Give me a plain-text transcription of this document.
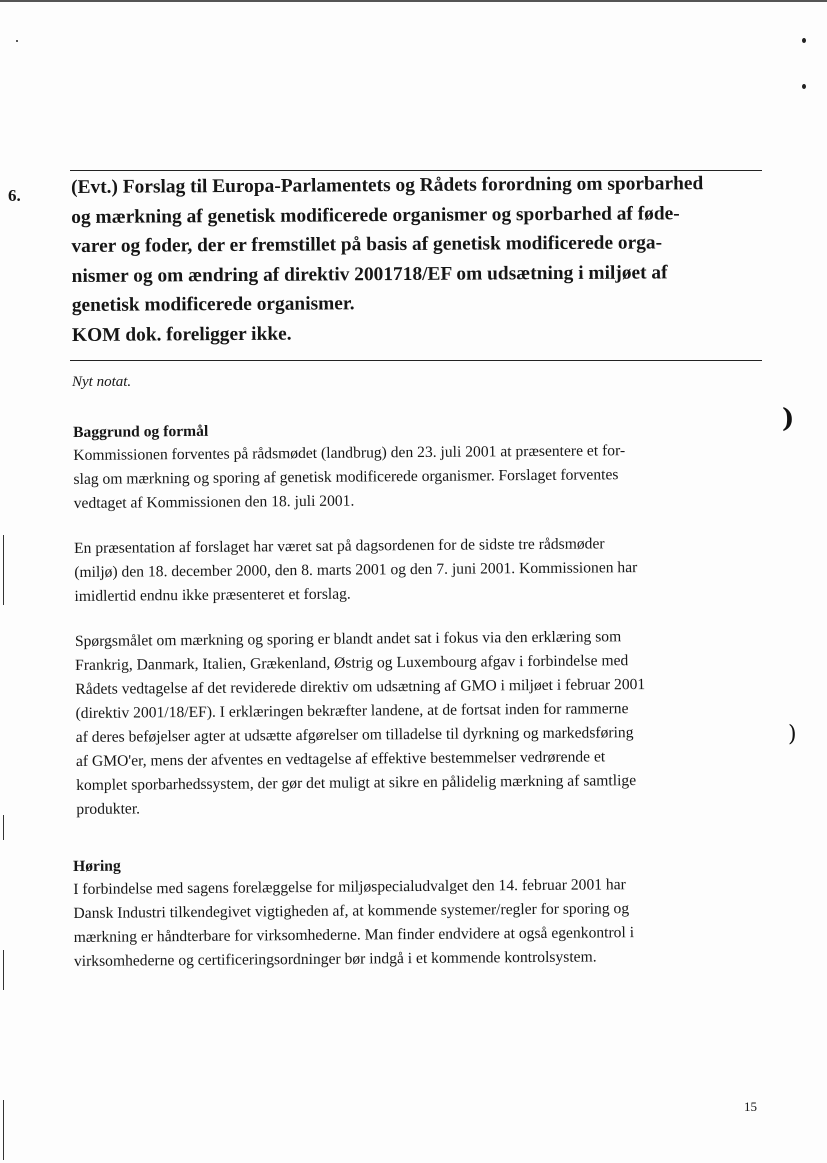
)
)

6.	(Evt.) Forslag til Europa-Parlamentets og Rådets forordning om sporbarhed
og mærkning af genetisk modificerede organismer og sporbarhed af føde-
varer og foder, der er fremstillet på basis af genetisk modificerede orga-
nismer og om ændring af direktiv 2001718/EF om udsætning i miljøet af
genetisk modificerede organismer.
KOM dok. foreligger ikke.

Nyt notat.

Baggrund og formål

Kommissionen forventes på rådsmødet (landbrug) den 23. juli 2001 at præsentere et for-
slag om mærkning og sporing af genetisk modificerede organismer. Forslaget forventes
vedtaget af Kommissionen den 18. juli 2001.

En præsentation af forslaget har været sat på dagsordenen for de sidste tre rådsmøder
(miljø) den 18. december 2000, den 8. marts 2001 og den 7. juni 2001. Kommissionen har
imidlertid endnu ikke præsenteret et forslag.

Spørgsmålet om mærkning og sporing er blandt andet sat i fokus via den erklæring som
Frankrig, Danmark, Italien, Grækenland, Østrig og Luxembourg afgav i forbindelse med
Rådets vedtagelse af det reviderede direktiv om udsætning af GMO i miljøet i februar 2001
(direktiv 2001/18/EF). I erklæringen bekræfter landene, at de fortsat inden for rammerne
af deres beføjelser agter at udsætte afgørelser om tilladelse til dyrkning og markedsføring
af GMO'er, mens der afventes en vedtagelse af effektive bestemmelser vedrørende et
komplet sporbarhedssystem, der gør det muligt at sikre en pålidelig mærkning af samtlige
produkter.

Høring

I forbindelse med sagens forelæggelse for miljøspecialudvalget den 14. februar 2001 har
Dansk Industri tilkendegivet vigtigheden af, at kommende systemer/regler for sporing og
mærkning er håndterbare for virksomhederne. Man finder endvidere at også egenkontrol i
virksomhederne og certificeringsordninger bør indgå i et kommende kontrolsystem.

15
